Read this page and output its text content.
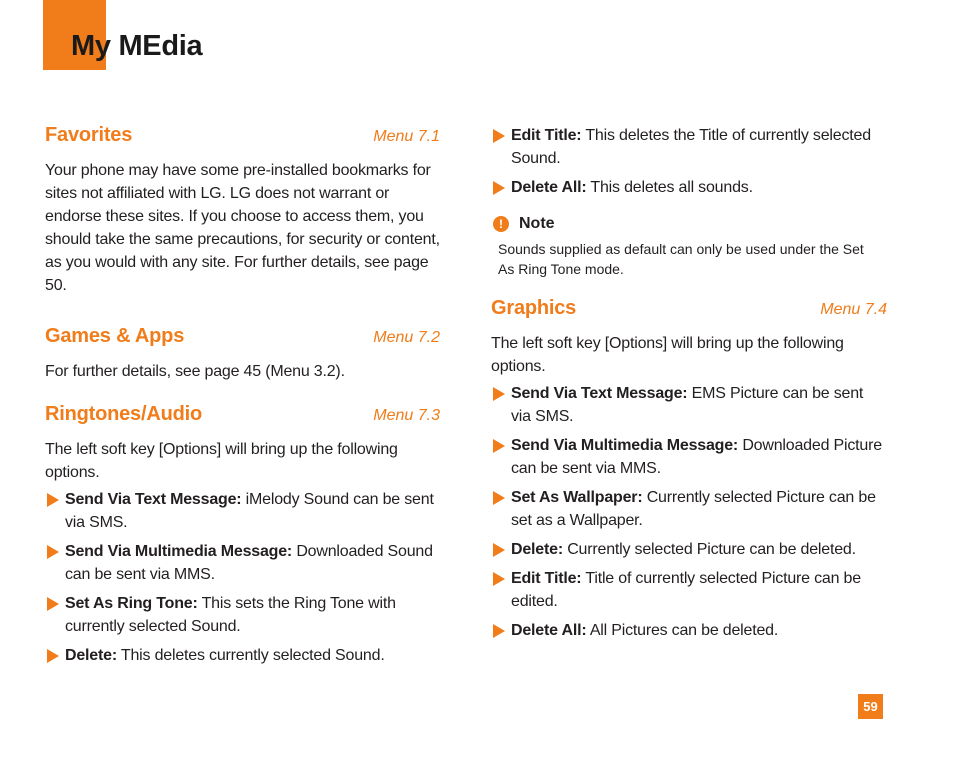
My MEdia
Favorites	Menu 7.1

Your phone may have some pre-installed bookmarks for sites not affiliated with LG. LG does not warrant or endorse these sites. If you choose to access them, you should take the same precautions, for security or content, as you would with any site. For further details, see page 50.

Games & Apps	Menu 7.2

For further details, see page 45 (Menu 3.2).

Ringtones/Audio	Menu 7.3

The left soft key [Options] will bring up the following options.

Send Via Text Message: iMelody Sound can be sent via SMS.
Send Via Multimedia Message: Downloaded Sound can be sent via MMS.
Set As Ring Tone: This sets the Ring Tone with currently selected Sound.
Delete: This deletes currently selected Sound.
Edit Title: This deletes the Title of currently selected Sound.
Delete All: This deletes all sounds.
!	Note
Sounds supplied as default can only be used under the Set As Ring Tone mode.
Graphics	Menu 7.4

The left soft key [Options] will bring up the following options.

Send Via Text Message: EMS Picture can be sent via SMS.
Send Via Multimedia Message: Downloaded Picture can be sent via MMS.
Set As Wallpaper: Currently selected Picture can be set as a Wallpaper.
Delete: Currently selected Picture can be deleted.
Edit Title: Title of currently selected Picture can be edited.
Delete All: All Pictures can be deleted.
59
